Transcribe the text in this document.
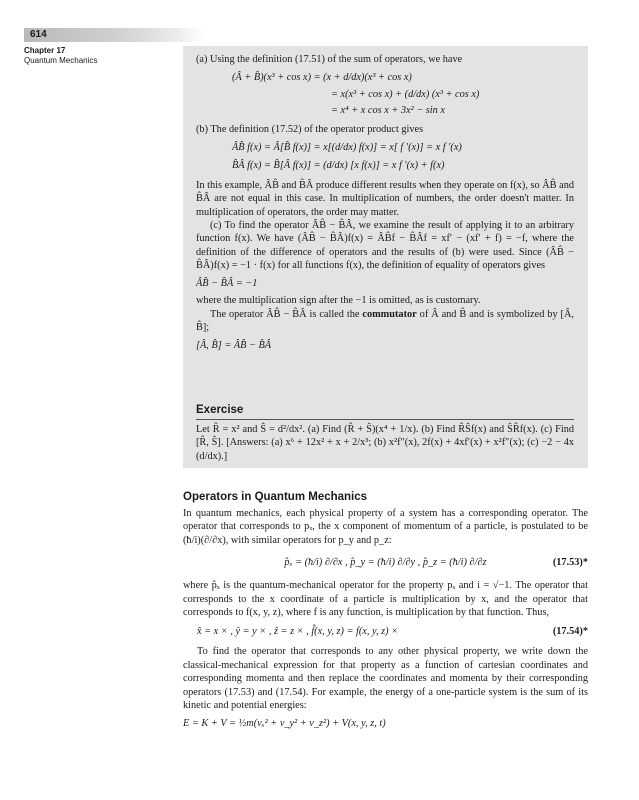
614
Chapter 17
Quantum Mechanics	(a) Using the definition (17.51) of the sum of operators, we have

(Â + B̂)(x³ + cos x) = (x + d/dx)(x³ + cos x)
= x(x³ + cos x) + (d/dx) (x³ + cos x)
= x⁴ + x cos x + 3x² − sin x

(b) The definition (17.52) of the operator product gives

ÂB̂ f(x) = Â[B̂ f(x)] = x[(d/dx) f(x)] = x[ f ′(x)] = x f ′(x)
B̂Â f(x) = B̂[Â f(x)] = (d/dx) [x f(x)] = x f ′(x) + f(x)

In this example, ÂB̂ and B̂Â produce different results when they operate on f(x), so ÂB̂ and B̂Â are not equal in this case. In multiplication of numbers, the order doesn't matter. In multiplication of operators, the order may matter.

(c) To find the operator ÂB̂ − B̂Â, we examine the result of applying it to an arbitrary function f(x). We have (ÂB̂ − B̂Â)f(x) = ÂB̂f − B̂Âf = xf′ − (xf′ + f) = −f, where the definition of the difference of operators and the results of (b) were used. Since (ÂB̂ − B̂Â)f(x) = −1 · f(x) for all functions f(x), the definition of equality of operators gives

ÂB̂ − B̂Â = −1

where the multiplication sign after the −1 is omitted, as is customary.

The operator ÂB̂ − B̂Â is called the commutator of Â and B̂ and is symbolized by [Â, B̂];

[Â, B̂] = ÂB̂ − B̂Â

Exercise

Let R̂ = x² and Ŝ = d²/dx². (a) Find (R̂ + Ŝ)(x⁴ + 1/x). (b) Find R̂Ŝf(x) and ŜR̂f(x). (c) Find [R̂, Ŝ]. [Answers: (a) x⁶ + 12x² + x + 2/x³; (b) x²f″(x), 2f(x) + 4xf′(x) + x²f″(x); (c) −2 − 4x (d/dx).]

Operators in Quantum Mechanics

In quantum mechanics, each physical property of a system has a corresponding operator. The operator that corresponds to pₓ, the x component of momentum of a particle, is postulated to be (ħ/i)(∂/∂x), with similar operators for p_y and p_z:

p̂ₓ = (ħ/i) ∂/∂x , p̂_y = (ħ/i) ∂/∂y , p̂_z = (ħ/i) ∂/∂z	(17.53)*

where p̂ₓ is the quantum-mechanical operator for the property pₓ and i = √−1. The operator that corresponds to the x coordinate of a particle is multiplication by x, and the operator that corresponds to f(x, y, z), where f is any function, is multiplication by that function. Thus,

x̂ = x × , ŷ = y × , ẑ = z × , f̂(x, y, z) = f(x, y, z) ×	(17.54)*

To find the operator that corresponds to any other physical property, we write down the classical-mechanical expression for that property as a function of cartesian coordinates and corresponding momenta and then replace the coordinates and momenta by their corresponding operators (17.53) and (17.54). For example, the energy of a one-particle system is the sum of its kinetic and potential energies:

E = K + V = ½m(vₓ² + v_y² + v_z²) + V(x, y, z, t)
